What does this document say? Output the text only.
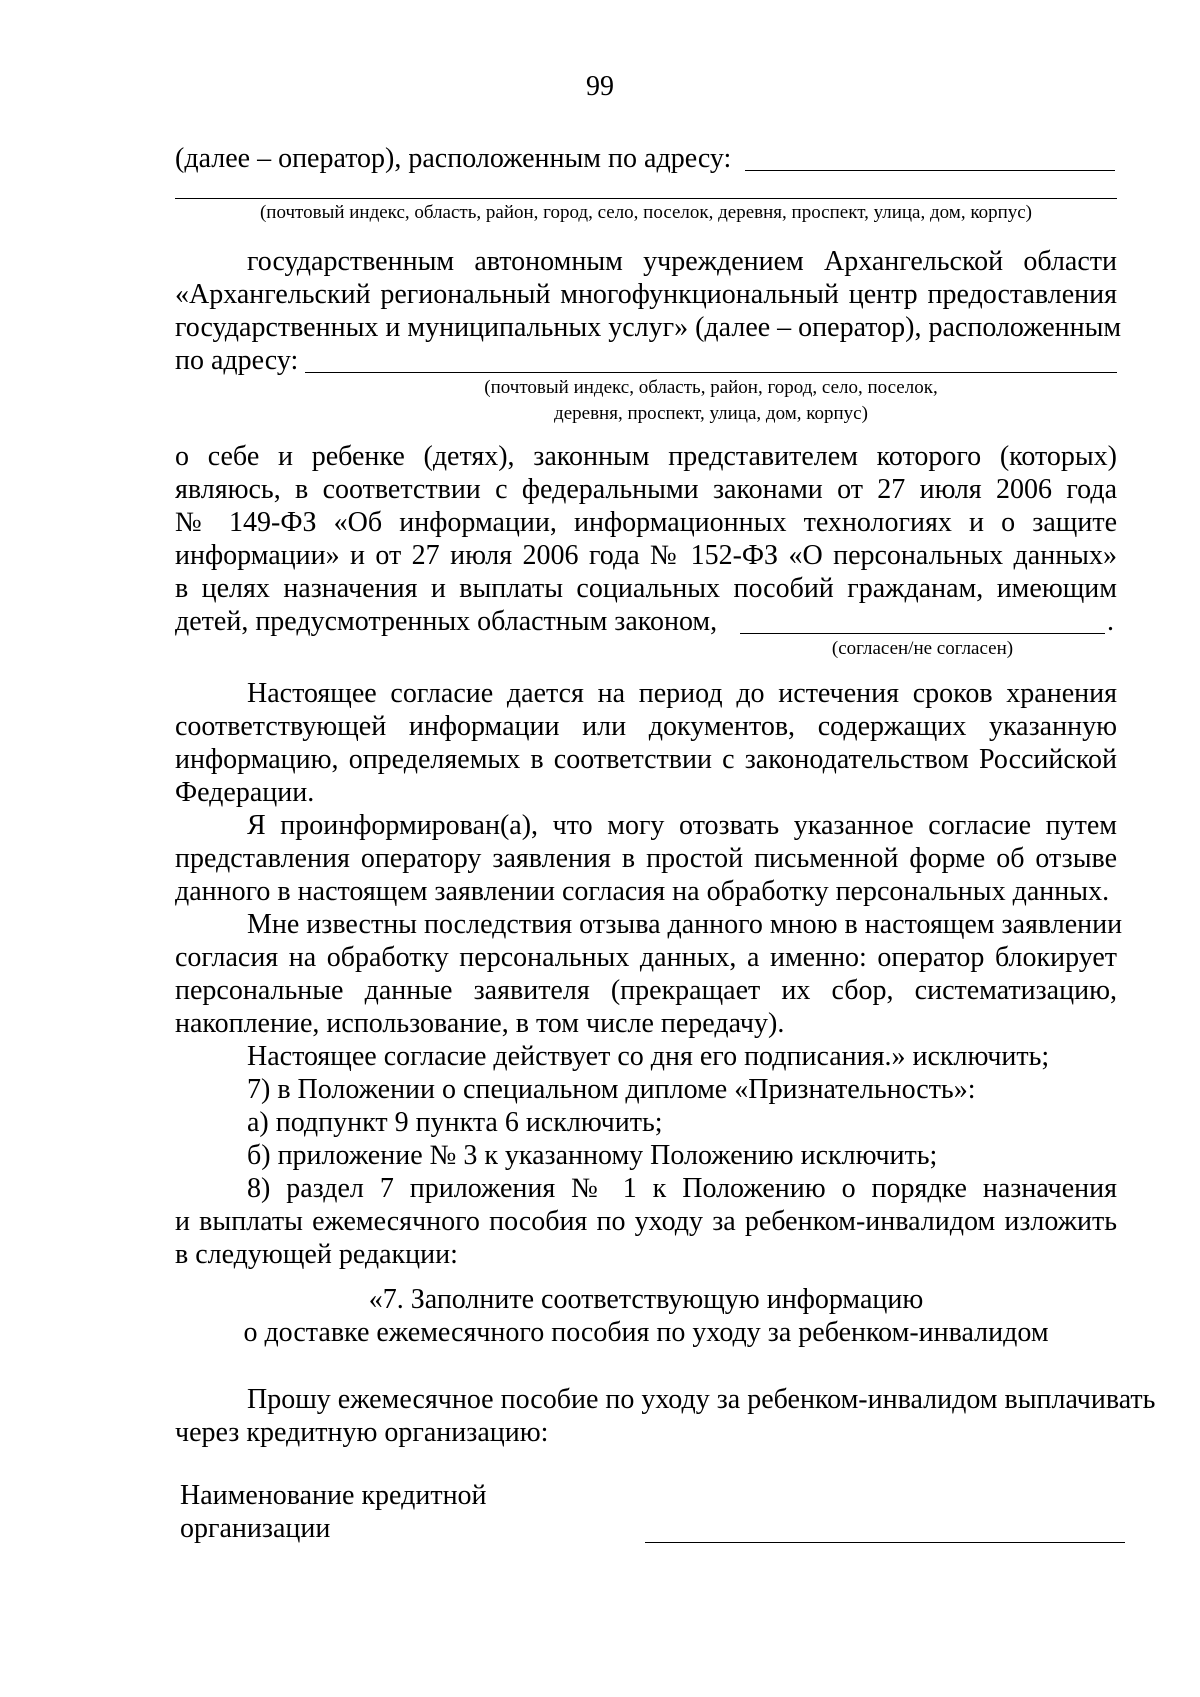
99
(далее – оператор), расположенным по адресу:
(почтовый индекс, область, район, город, село, поселок, деревня, проспект, улица, дом, корпус)
государственным автономным учреждением Архангельской области
«Архангельский региональный многофункциональный центр предоставления
государственных и муниципальных услуг» (далее – оператор), расположенным
по адресу:
(почтовый индекс, область, район, город, село, поселок,
деревня, проспект, улица, дом, корпус)
о себе и ребенке (детях), законным представителем которого (которых)
являюсь, в соответствии с федеральными законами от 27 июля 2006 года
№ 149-ФЗ «Об информации, информационных технологиях и о защите
информации» и от 27 июля 2006 года № 152-ФЗ «О персональных данных»
в целях назначения и выплаты социальных пособий гражданам, имеющим
детей, предусмотренных областным законом,	.
(согласен/не согласен)
Настоящее согласие дается на период до истечения сроков хранения
соответствующей информации или документов, содержащих указанную
информацию, определяемых в соответствии с законодательством Российской
Федерации.
Я проинформирован(а), что могу отозвать указанное согласие путем
представления оператору заявления в простой письменной форме об отзыве
данного в настоящем заявлении согласия на обработку персональных данных.
Мне известны последствия отзыва данного мною в настоящем заявлении
согласия на обработку персональных данных, а именно: оператор блокирует
персональные данные заявителя (прекращает их сбор, систематизацию,
накопление, использование, в том числе передачу).
Настоящее согласие действует со дня его подписания.» исключить;
7) в Положении о специальном дипломе «Признательность»:
а) подпункт 9 пункта 6 исключить;
б) приложение № 3 к указанному Положению исключить;
8) раздел 7 приложения № 1 к Положению о порядке назначения
и выплаты ежемесячного пособия по уходу за ребенком-инвалидом изложить
в следующей редакции:
«7. Заполните соответствующую информацию
о доставке ежемесячного пособия по уходу за ребенком-инвалидом
Прошу ежемесячное пособие по уходу за ребенком-инвалидом выплачивать
через кредитную организацию:
Наименование кредитной
организации
